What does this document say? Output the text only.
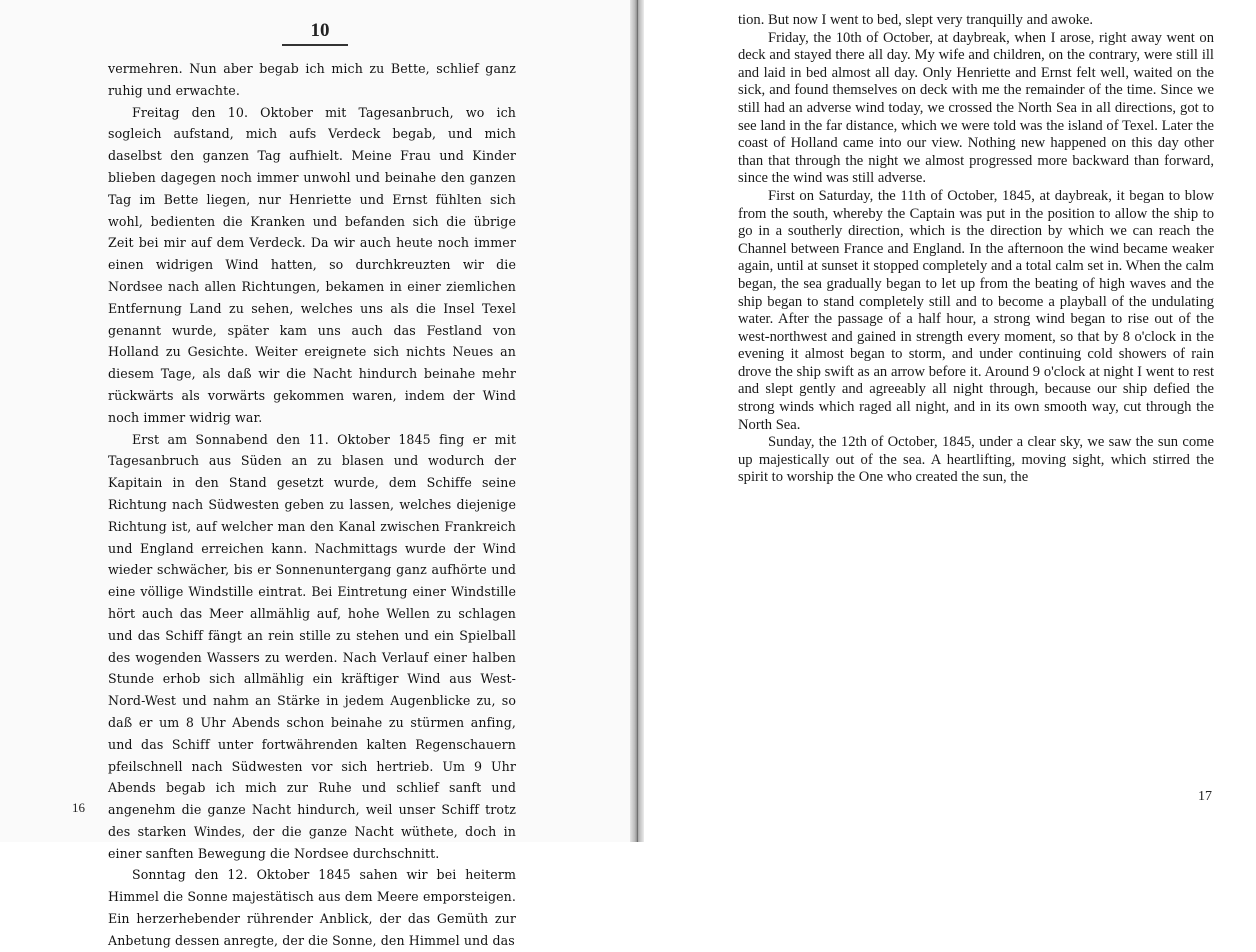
10

vermehren. Nun aber begab ich mich zu Bette, schlief ganz ruhig und erwachte.

Freitag den 10. Oktober mit Tagesanbruch, wo ich sogleich aufstand, mich aufs Verdeck begab, und mich daselbst den ganzen Tag aufhielt. Meine Frau und Kinder blieben dagegen noch immer unwohl und beinahe den ganzen Tag im Bette liegen, nur Henriette und Ernst fühlten sich wohl, bedienten die Kranken und befanden sich die übrige Zeit bei mir auf dem Verdeck. Da wir auch heute noch immer einen widrigen Wind hatten, so durchkreuzten wir die Nordsee nach allen Richtungen, bekamen in einer ziemlichen Entfernung Land zu sehen, welches uns als die Insel Texel genannt wurde, später kam uns auch das Festland von Holland zu Gesichte. Weiter ereignete sich nichts Neues an diesem Tage, als daß wir die Nacht hindurch beinahe mehr rückwärts als vorwärts gekommen waren, indem der Wind noch immer widrig war.

Erst am Sonnabend den 11. Oktober 1845 fing er mit Tagesanbruch aus Süden an zu blasen und wodurch der Kapitain in den Stand gesetzt wurde, dem Schiffe seine Richtung nach Südwesten geben zu lassen, welches diejenige Richtung ist, auf welcher man den Kanal zwischen Frankreich und England erreichen kann. Nachmittags wurde der Wind wieder schwächer, bis er Sonnenuntergang ganz aufhörte und eine völlige Windstille eintrat. Bei Eintretung einer Windstille hört auch das Meer allmählig auf, hohe Wellen zu schlagen und das Schiff fängt an rein stille zu stehen und ein Spielball des wogenden Wassers zu werden. Nach Verlauf einer halben Stunde erhob sich allmählig ein kräftiger Wind aus West-Nord-West und nahm an Stärke in jedem Augenblicke zu, so daß er um 8 Uhr Abends schon beinahe zu stürmen anfing, und das Schiff unter fortwährenden kalten Regenschauern pfeilschnell nach Südwesten vor sich hertrieb. Um 9 Uhr Abends begab ich mich zur Ruhe und schlief sanft und angenehm die ganze Nacht hindurch, weil unser Schiff trotz des starken Windes, der die ganze Nacht wüthete, doch in einer sanften Bewegung die Nordsee durchschnitt.

Sonntag den 12. Oktober 1845 sahen wir bei heiterm Himmel die Sonne majestätisch aus dem Meere emporsteigen. Ein herzerhebender rührender Anblick, der das Gemüth zur Anbetung dessen anregte, der die Sonne, den Himmel und das

16

tion. But now I went to bed, slept very tranquilly and awoke.

Friday, the 10th of October, at daybreak, when I arose, right away went on deck and stayed there all day. My wife and children, on the contrary, were still ill and laid in bed almost all day. Only Henriette and Ernst felt well, waited on the sick, and found themselves on deck with me the remainder of the time. Since we still had an adverse wind today, we crossed the North Sea in all directions, got to see land in the far distance, which we were told was the island of Texel. Later the coast of Holland came into our view. Nothing new happened on this day other than that through the night we almost progressed more backward than forward, since the wind was still adverse.

First on Saturday, the 11th of October, 1845, at daybreak, it began to blow from the south, whereby the Captain was put in the position to allow the ship to go in a southerly direction, which is the direction by which we can reach the Channel between France and England. In the afternoon the wind became weaker again, until at sunset it stopped completely and a total calm set in. When the calm began, the sea gradually began to let up from the beating of high waves and the ship began to stand completely still and to become a playball of the undulating water. After the passage of a half hour, a strong wind began to rise out of the west-northwest and gained in strength every moment, so that by 8 o'clock in the evening it almost began to storm, and under continuing cold showers of rain drove the ship swift as an arrow before it. Around 9 o'clock at night I went to rest and slept gently and agreeably all night through, because our ship defied the strong winds which raged all night, and in its own smooth way, cut through the North Sea.

Sunday, the 12th of October, 1845, under a clear sky, we saw the sun come up majestically out of the sea. A heartlifting, moving sight, which stirred the spirit to worship the One who created the sun, the

17
